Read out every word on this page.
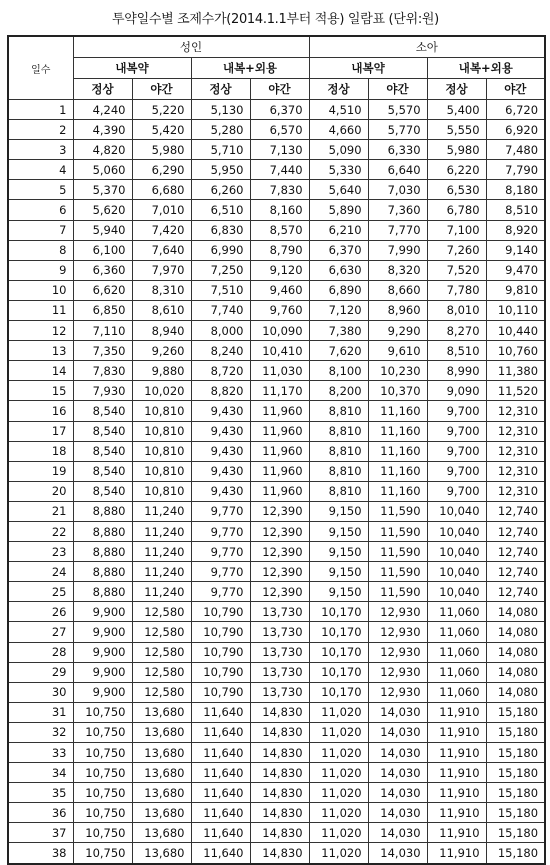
투약일수별 조제수가(2014.1.1부터 적용) 일람표 (단위:원)
일수	성인				소아			
	내복약		내복+외용		내복약		내복+외용	
	정상	야간	정상	야간	정상	야간	정상	야간
1	4,240	5,220	5,130	6,370	4,510	5,570	5,400	6,720
2	4,390	5,420	5,280	6,570	4,660	5,770	5,550	6,920
3	4,820	5,980	5,710	7,130	5,090	6,330	5,980	7,480
4	5,060	6,290	5,950	7,440	5,330	6,640	6,220	7,790
5	5,370	6,680	6,260	7,830	5,640	7,030	6,530	8,180
6	5,620	7,010	6,510	8,160	5,890	7,360	6,780	8,510
7	5,940	7,420	6,830	8,570	6,210	7,770	7,100	8,920
8	6,100	7,640	6,990	8,790	6,370	7,990	7,260	9,140
9	6,360	7,970	7,250	9,120	6,630	8,320	7,520	9,470
10	6,620	8,310	7,510	9,460	6,890	8,660	7,780	9,810
11	6,850	8,610	7,740	9,760	7,120	8,960	8,010	10,110
12	7,110	8,940	8,000	10,090	7,380	9,290	8,270	10,440
13	7,350	9,260	8,240	10,410	7,620	9,610	8,510	10,760
14	7,830	9,880	8,720	11,030	8,100	10,230	8,990	11,380
15	7,930	10,020	8,820	11,170	8,200	10,370	9,090	11,520
16	8,540	10,810	9,430	11,960	8,810	11,160	9,700	12,310
17	8,540	10,810	9,430	11,960	8,810	11,160	9,700	12,310
18	8,540	10,810	9,430	11,960	8,810	11,160	9,700	12,310
19	8,540	10,810	9,430	11,960	8,810	11,160	9,700	12,310
20	8,540	10,810	9,430	11,960	8,810	11,160	9,700	12,310
21	8,880	11,240	9,770	12,390	9,150	11,590	10,040	12,740
22	8,880	11,240	9,770	12,390	9,150	11,590	10,040	12,740
23	8,880	11,240	9,770	12,390	9,150	11,590	10,040	12,740
24	8,880	11,240	9,770	12,390	9,150	11,590	10,040	12,740
25	8,880	11,240	9,770	12,390	9,150	11,590	10,040	12,740
26	9,900	12,580	10,790	13,730	10,170	12,930	11,060	14,080
27	9,900	12,580	10,790	13,730	10,170	12,930	11,060	14,080
28	9,900	12,580	10,790	13,730	10,170	12,930	11,060	14,080
29	9,900	12,580	10,790	13,730	10,170	12,930	11,060	14,080
30	9,900	12,580	10,790	13,730	10,170	12,930	11,060	14,080
31	10,750	13,680	11,640	14,830	11,020	14,030	11,910	15,180
32	10,750	13,680	11,640	14,830	11,020	14,030	11,910	15,180
33	10,750	13,680	11,640	14,830	11,020	14,030	11,910	15,180
34	10,750	13,680	11,640	14,830	11,020	14,030	11,910	15,180
35	10,750	13,680	11,640	14,830	11,020	14,030	11,910	15,180
36	10,750	13,680	11,640	14,830	11,020	14,030	11,910	15,180
37	10,750	13,680	11,640	14,830	11,020	14,030	11,910	15,180
38	10,750	13,680	11,640	14,830	11,020	14,030	11,910	15,180
